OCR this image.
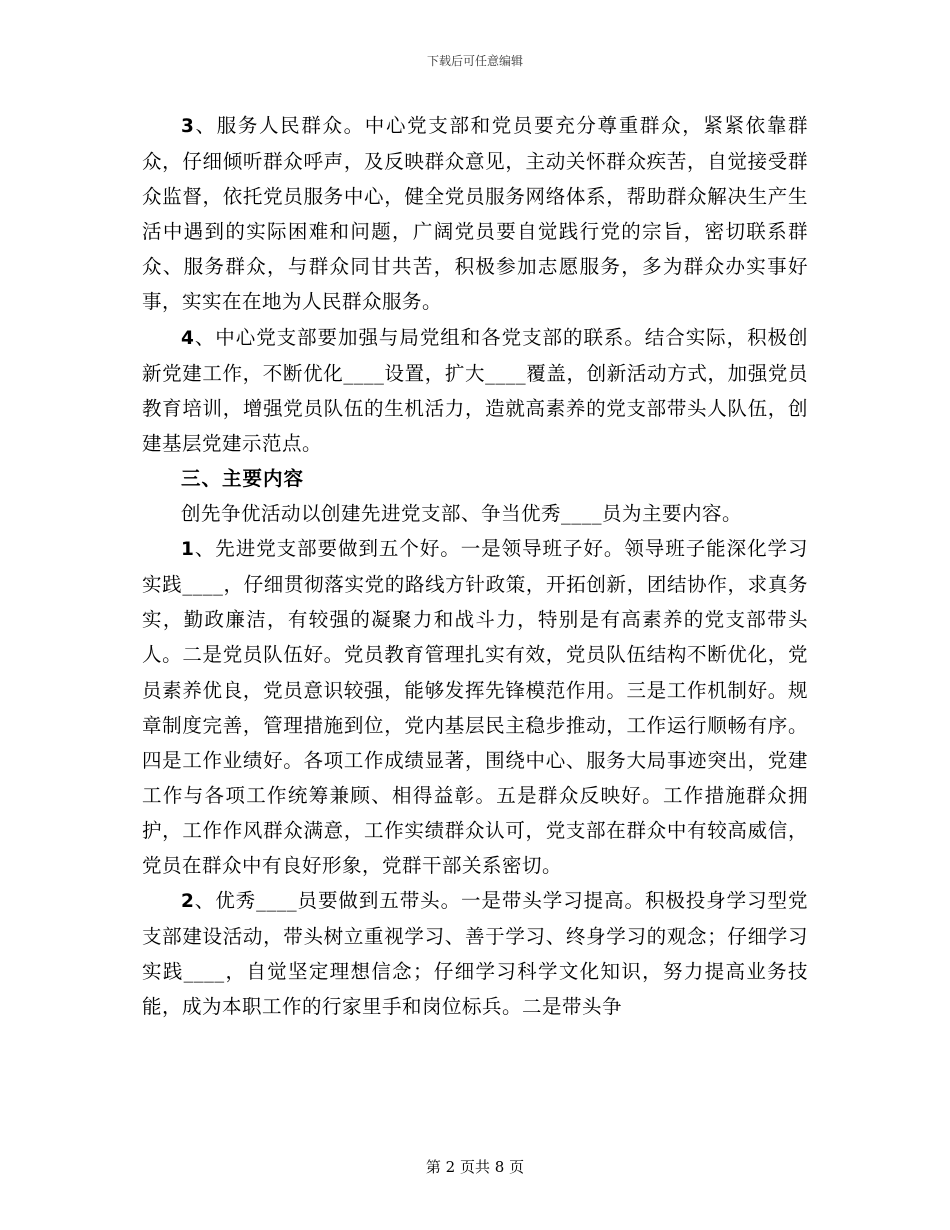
下载后可任意编辑

3、服务人民群众。中心党支部和党员要充分尊重群众，紧紧依靠群众，仔细倾听群众呼声，及反映群众意见，主动关怀群众疾苦，自觉接受群众监督，依托党员服务中心，健全党员服务网络体系，帮助群众解决生产生活中遇到的实际困难和问题，广阔党员要自觉践行党的宗旨，密切联系群众、服务群众，与群众同甘共苦，积极参加志愿服务，多为群众办实事好事，实实在在地为人民群众服务。

4、中心党支部要加强与局党组和各党支部的联系。结合实际，积极创新党建工作，不断优化____设置，扩大____覆盖，创新活动方式，加强党员教育培训，增强党员队伍的生机活力，造就高素养的党支部带头人队伍，创建基层党建示范点。

三、主要内容

创先争优活动以创建先进党支部、争当优秀____员为主要内容。

1、先进党支部要做到五个好。一是领导班子好。领导班子能深化学习实践____，仔细贯彻落实党的路线方针政策，开拓创新，团结协作，求真务实，勤政廉洁，有较强的凝聚力和战斗力，特别是有高素养的党支部带头人。二是党员队伍好。党员教育管理扎实有效，党员队伍结构不断优化，党员素养优良，党员意识较强，能够发挥先锋模范作用。三是工作机制好。规章制度完善，管理措施到位，党内基层民主稳步推动，工作运行顺畅有序。四是工作业绩好。各项工作成绩显著，围绕中心、服务大局事迹突出，党建工作与各项工作统筹兼顾、相得益彰。五是群众反映好。工作措施群众拥护，工作作风群众满意，工作实绩群众认可，党支部在群众中有较高威信，党员在群众中有良好形象，党群干部关系密切。

2、优秀____员要做到五带头。一是带头学习提高。积极投身学习型党支部建设活动，带头树立重视学习、善于学习、终身学习的观念；仔细学习实践____，自觉坚定理想信念；仔细学习科学文化知识，努力提高业务技能，成为本职工作的行家里手和岗位标兵。二是带头争

第 2 页共 8 页
